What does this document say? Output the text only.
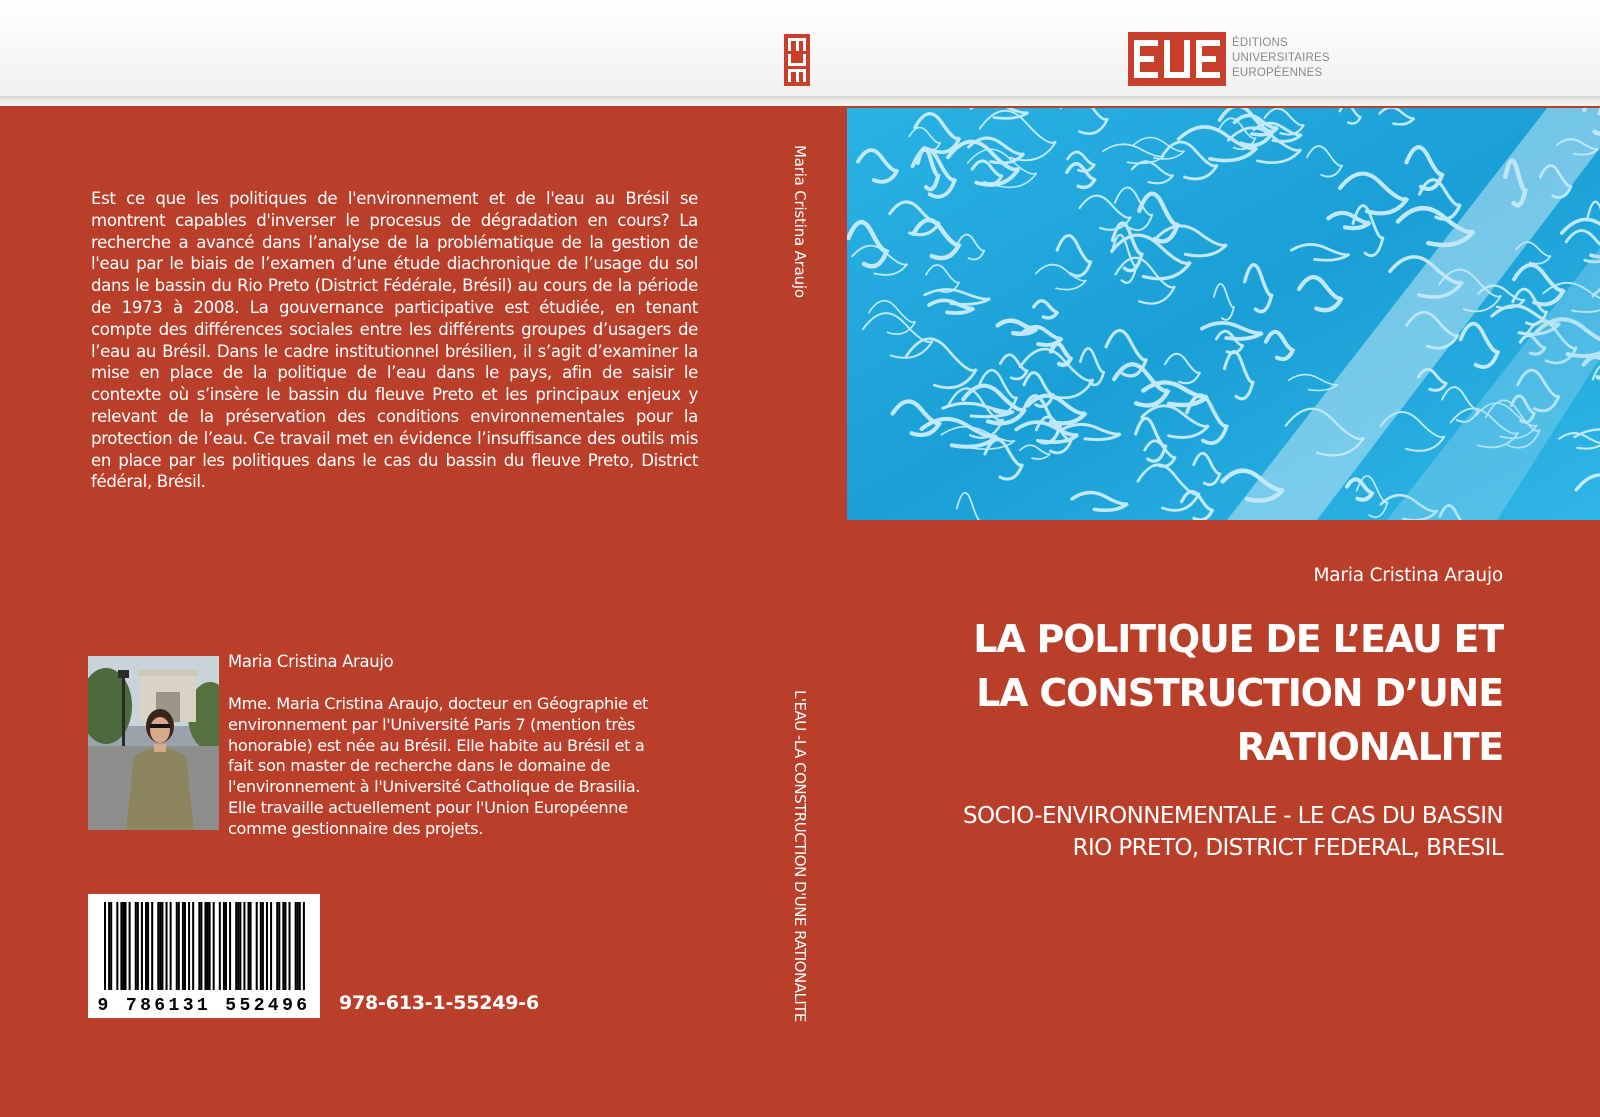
ÉDITIONS
UNIVERSITAIRES
EUROPÉENNES
Est ce que les politiques de l'environnement et de l'eau au Brésil se montrent capables d'inverser le procesus de dégradation en cours? La recherche a avancé dans l’analyse de la problématique de la gestion de l'eau par le biais de l’examen d’une étude diachronique de l’usage du sol dans le bassin du Rio Preto (District Fédérale, Brésil) au cours de la période de 1973 à 2008. La gouvernance participative est étudiée, en tenant compte des différences sociales entre les différents groupes d’usagers de l’eau au Brésil. Dans le cadre institutionnel brésilien, il s’agit d’examiner la mise en place de la politique de l’eau dans le pays, afin de saisir le contexte où s’insère le bassin du fleuve Preto et les principaux enjeux y relevant de la préservation des conditions environnementales pour la protection de l’eau. Ce travail met en évidence l’insuffisance des outils mis en place par les politiques dans le cas du bassin du fleuve Preto, District fédéral, Brésil.
Maria Cristina Araujo
Mme. Maria Cristina Araujo, docteur en Géographie et environnement par l'Université Paris 7 (mention très honorable) est née au Brésil. Elle habite au Brésil et a fait son master de recherche dans le domaine de l'environnement à l'Université Catholique de Brasilia. Elle travaille actuellement pour l'Union Européenne comme gestionnaire des projets.
9 786131 552496 978-613-1-55249-6
Maria Cristina Araujo
L'EAU -LA CONSTRUCTION D'UNE RATIONALITE
Maria Cristina Araujo
LA POLITIQUE DE L’EAU ET
LA CONSTRUCTION D’UNE
RATIONALITE
SOCIO-ENVIRONNEMENTALE - LE CAS DU BASSIN
RIO PRETO, DISTRICT FEDERAL, BRESIL
